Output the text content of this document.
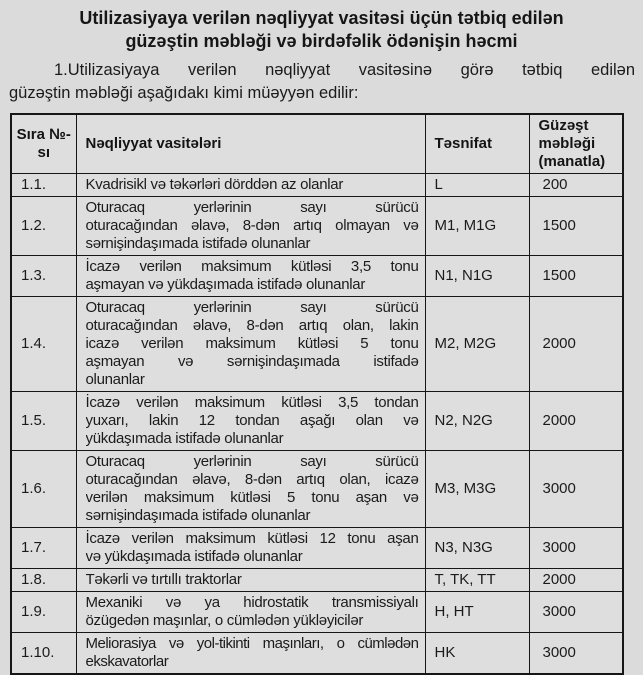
Utilizasiyaya verilən nəqliyyat vasitəsi üçün tətbiq edilən
güzəştin məbləği və birdəfəlik ödənişin həcmi

1.Utilizasiyaya verilən nəqliyyat vasitəsinə görə tətbiq edilən
güzəştin məbləği aşağıdakı kimi müəyyən edilir:

Sıra №-sı	Nəqliyyat vasitələri	Təsnifat	Güzəşt məbləği (manatla)
1.1.	Kvadrisikl və təkərləri dörddən az olanlar	L	200
1.2.	Oturacaq yerlərinin sayı sürücü
oturacağından əlavə, 8-dən artıq olmayan və
sərnişindaşımada istifadə olunanlar	M1, M1G	1500
1.3.	İcazə verilən maksimum kütləsi 3,5 tonu
aşmayan və yükdaşımada istifadə olunanlar	N1, N1G	1500
1.4.	Oturacaq yerlərinin sayı sürücü
oturacağından əlavə, 8-dən artıq olan, lakin
icazə verilən maksimum kütləsi 5 tonu
aşmayan və sərnişindaşımada istifadə
olunanlar	M2, M2G	2000
1.5.	İcazə verilən maksimum kütləsi 3,5 tondan
yuxarı, lakin 12 tondan aşağı olan və
yükdaşımada istifadə olunanlar	N2, N2G	2000
1.6.	Oturacaq yerlərinin sayı sürücü
oturacağından əlavə, 8-dən artıq olan, icazə
verilən maksimum kütləsi 5 tonu aşan və
sərnişindaşımada istifadə olunanlar	M3, M3G	3000
1.7.	İcazə verilən maksimum kütləsi 12 tonu aşan
və yükdaşımada istifadə olunanlar	N3, N3G	3000
1.8.	Təkərli və tırtıllı traktorlar	T, TK, TT	2000
1.9.	Mexaniki və ya hidrostatik transmissiyalı
özügedən maşınlar, o cümlədən yükləyicilər	H, HT	3000
1.10.	Meliorasiya və yol-tikinti maşınları, o cümlədən
ekskavatorlar	HK	3000
